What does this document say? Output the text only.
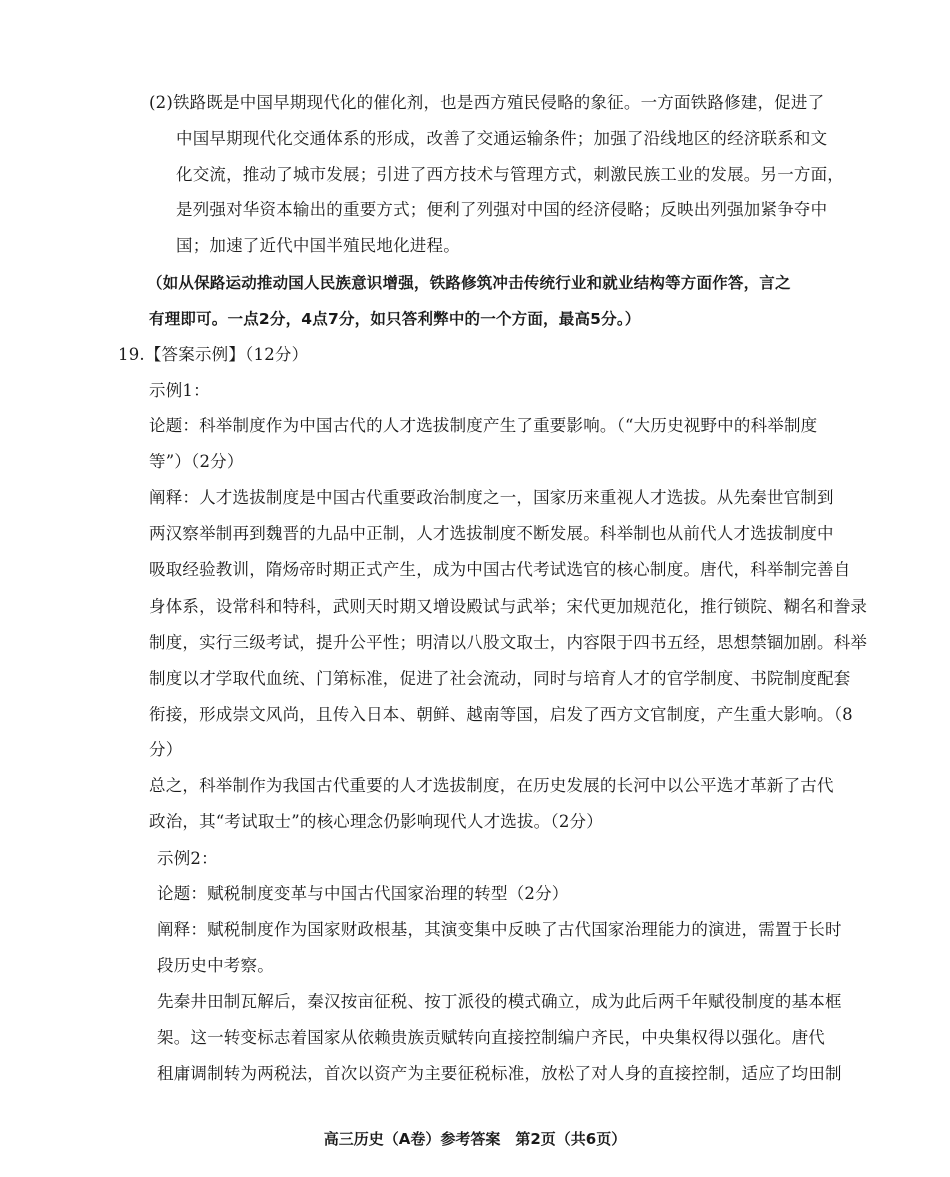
(2)铁路既是中国早期现代化的催化剂，也是西方殖民侵略的象征。一方面铁路修建，促进了
中国早期现代化交通体系的形成，改善了交通运输条件；加强了沿线地区的经济联系和文
化交流，推动了城市发展；引进了西方技术与管理方式，刺激民族工业的发展。另一方面，
是列强对华资本输出的重要方式；便利了列强对中国的经济侵略；反映出列强加紧争夺中
国；加速了近代中国半殖民地化进程。
（如从保路运动推动国人民族意识增强，铁路修筑冲击传统行业和就业结构等方面作答，言之
有理即可。一点2分，4点7分，如只答利弊中的一个方面，最高5分。）
19.【答案示例】（12分）
示例1：
论题：科举制度作为中国古代的人才选拔制度产生了重要影响。（“大历史视野中的科举制度
等”）（2分）
阐释：人才选拔制度是中国古代重要政治制度之一，国家历来重视人才选拔。从先秦世官制到
两汉察举制再到魏晋的九品中正制，人才选拔制度不断发展。科举制也从前代人才选拔制度中
吸取经验教训，隋炀帝时期正式产生，成为中国古代考试选官的核心制度。唐代，科举制完善自
身体系，设常科和特科，武则天时期又增设殿试与武举；宋代更加规范化，推行锁院、糊名和誊录
制度，实行三级考试，提升公平性；明清以八股文取士，内容限于四书五经，思想禁锢加剧。科举
制度以才学取代血统、门第标准，促进了社会流动，同时与培育人才的官学制度、书院制度配套
衔接，形成崇文风尚，且传入日本、朝鲜、越南等国，启发了西方文官制度，产生重大影响。（8
分）
总之，科举制作为我国古代重要的人才选拔制度，在历史发展的长河中以公平选才革新了古代
政治，其“考试取士”的核心理念仍影响现代人才选拔。（2分）
示例2：
论题：赋税制度变革与中国古代国家治理的转型（2分）
阐释：赋税制度作为国家财政根基，其演变集中反映了古代国家治理能力的演进，需置于长时
段历史中考察。
先秦井田制瓦解后，秦汉按亩征税、按丁派役的模式确立，成为此后两千年赋役制度的基本框
架。这一转变标志着国家从依赖贵族贡赋转向直接控制编户齐民，中央集权得以强化。唐代
租庸调制转为两税法，首次以资产为主要征税标准，放松了对人身的直接控制，适应了均田制
高三历史（A卷）参考答案　第2页（共6页）
